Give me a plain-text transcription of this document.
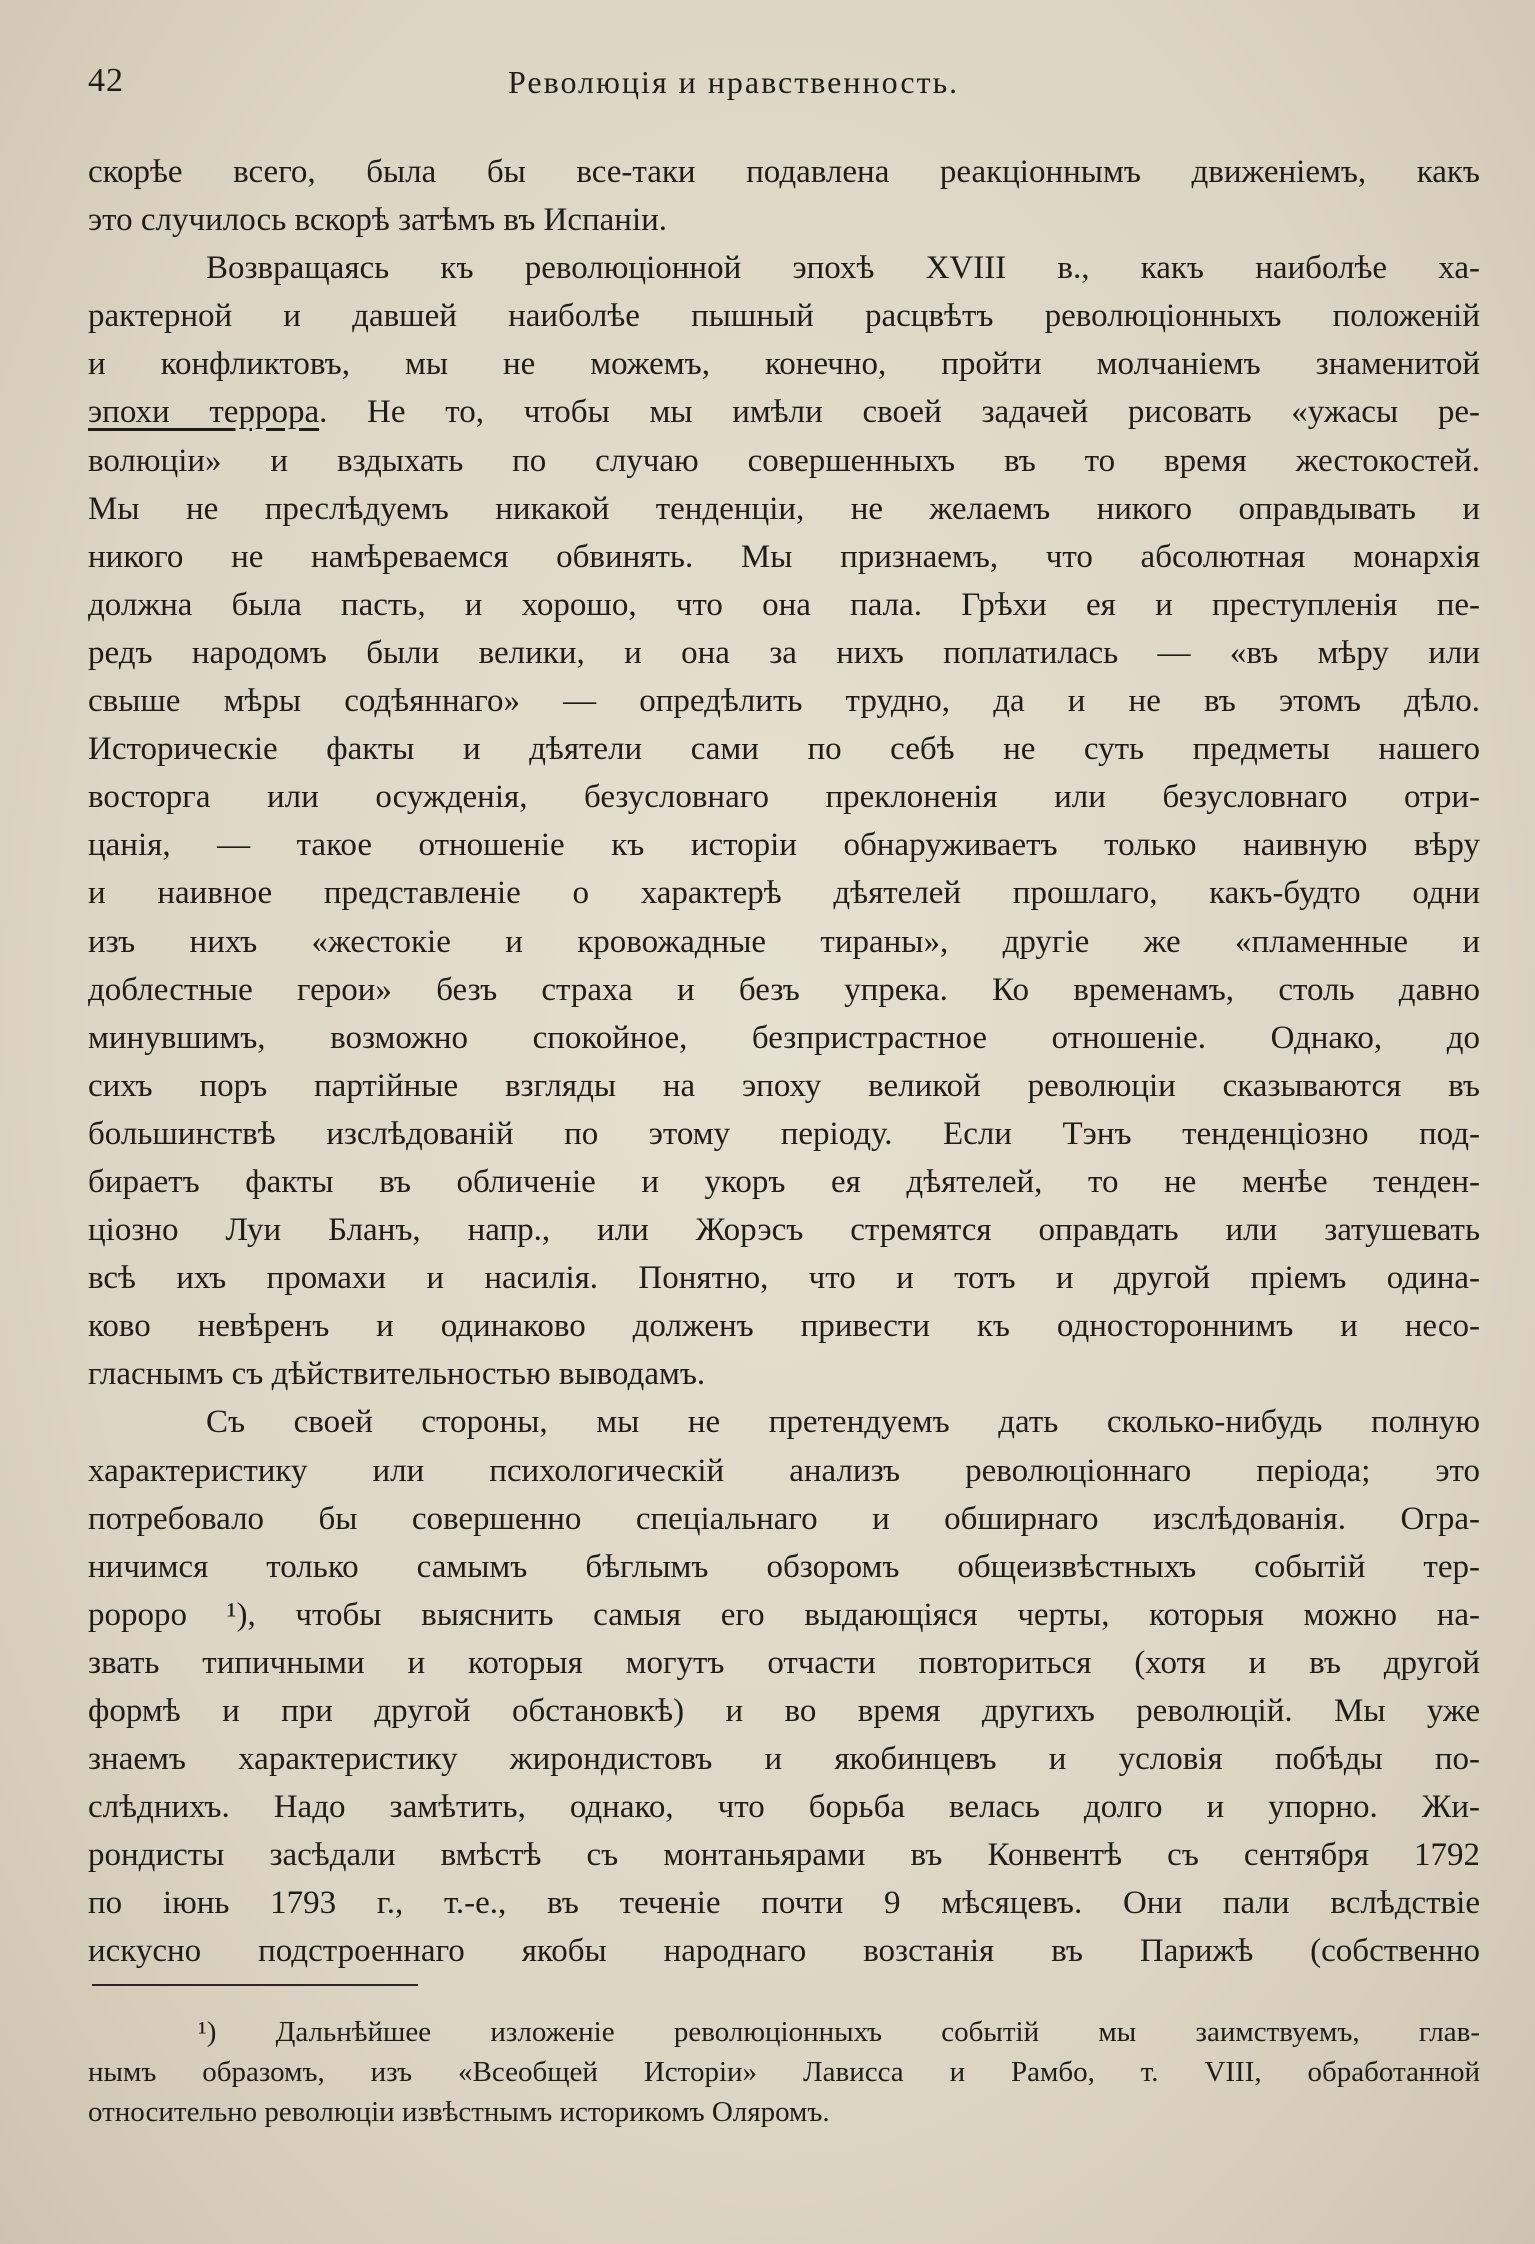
42	Революція и нравственность.
скорѣе всего, была бы все-таки подавлена реакціоннымъ движеніемъ, какъ
это случилось вскорѣ затѣмъ въ Испаніи.
Возвращаясь къ революціонной эпохѣ XVIII в., какъ наиболѣе ха-
рактерной и давшей наиболѣе пышный расцвѣтъ революціонныхъ положеній
и конфликтовъ, мы не можемъ, конечно, пройти молчаніемъ знаменитой
эпохи террора. Не то, чтобы мы имѣли своей задачей рисовать «ужасы ре-
волюціи» и вздыхать по случаю совершенныхъ въ то время жестокостей.
Мы не преслѣдуемъ никакой тенденціи, не желаемъ никого оправдывать и
никого не намѣреваемся обвинять. Мы признаемъ, что абсолютная монархія
должна была пасть, и хорошо, что она пала. Грѣхи ея и преступленія пе-
редъ народомъ были велики, и она за нихъ поплатилась — «въ мѣру или
свыше мѣры содѣяннаго» — опредѣлить трудно, да и не въ этомъ дѣло.
Историческіе факты и дѣятели сами по себѣ не суть предметы нашего
восторга или осужденія, безусловнаго преклоненія или безусловнаго отри-
цанія, — такое отношеніе къ исторіи обнаруживаетъ только наивную вѣру
и наивное представленіе о характерѣ дѣятелей прошлаго, какъ-будто одни
изъ нихъ «жестокіе и кровожадные тираны», другіе же «пламенные и
доблестные герои» безъ страха и безъ упрека. Ко временамъ, столь давно
минувшимъ, возможно спокойное, безпристрастное отношеніе. Однако, до
сихъ поръ партійные взгляды на эпоху великой революціи сказываются въ
большинствѣ изслѣдованій по этому періоду. Если Тэнъ тенденціозно под-
бираетъ факты въ обличеніе и укоръ ея дѣятелей, то не менѣе тенден-
ціозно Луи Бланъ, напр., или Жорэсъ стремятся оправдать или затушевать
всѣ ихъ промахи и насилія. Понятно, что и тотъ и другой пріемъ одина-
ково невѣренъ и одинаково долженъ привести къ одностороннимъ и несо-
гласнымъ съ дѣйствительностью выводамъ.
Съ своей стороны, мы не претендуемъ дать сколько-нибудь полную
характеристику или психологическій анализъ революціоннаго періода; это
потребовало бы совершенно спеціальнаго и обширнаго изслѣдованія. Огра-
ничимся только самымъ бѣглымъ обзоромъ общеизвѣстныхъ событій тер-
ророро ¹), чтобы выяснить самыя его выдающіяся черты, которыя можно на-
звать типичными и которыя могутъ отчасти повториться (хотя и въ другой
формѣ и при другой обстановкѣ) и во время другихъ революцій. Мы уже
знаемъ характеристику жирондистовъ и якобинцевъ и условія побѣды по-
слѣднихъ. Надо замѣтить, однако, что борьба велась долго и упорно. Жи-
рондисты засѣдали вмѣстѣ съ монтаньярами въ Конвентѣ съ сентября 1792
по іюнь 1793 г., т.-е., въ теченіе почти 9 мѣсяцевъ. Они пали вслѣдствіе
искусно подстроеннаго якобы народнаго возстанія въ Парижѣ (собственно
¹) Дальнѣйшее изложеніе революціонныхъ событій мы заимствуемъ, глав-
нымъ образомъ, изъ «Всеобщей Исторіи» Лависса и Рамбо, т. VIII, обработанной
относительно революціи извѣстнымъ историкомъ Оляромъ.
